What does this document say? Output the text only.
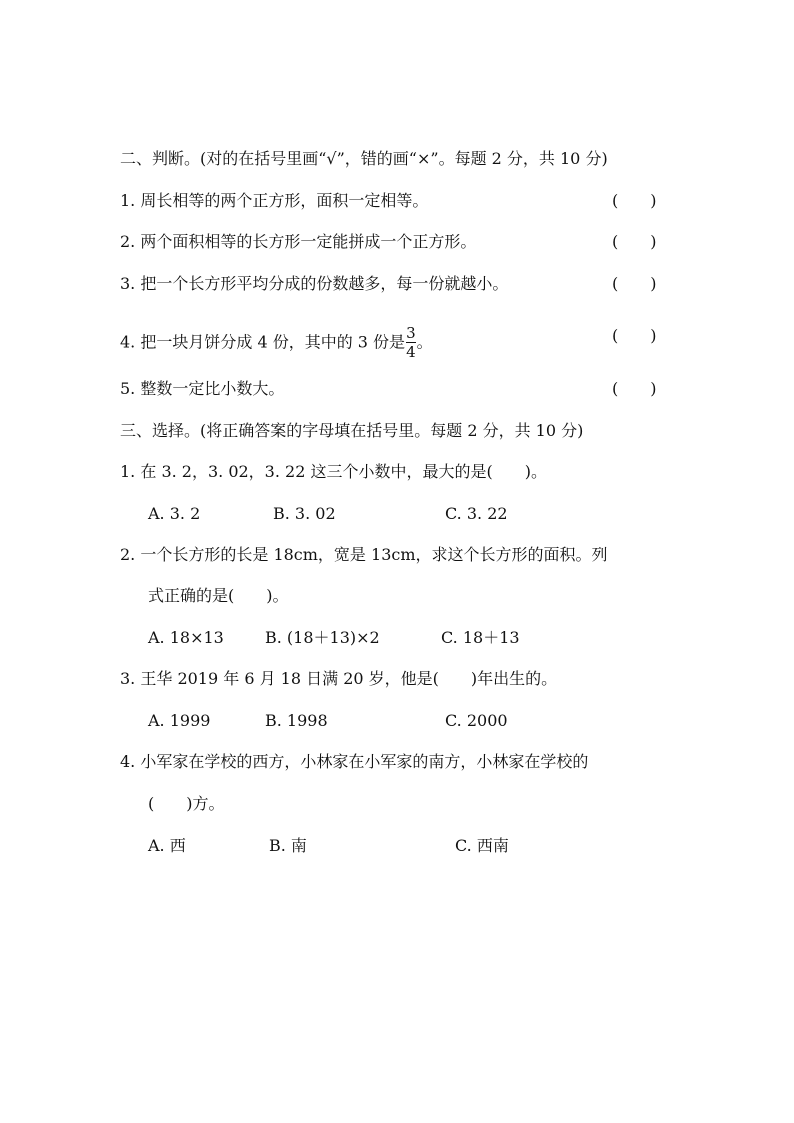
二、判断。(对的在括号里画“√”，错的画“×”。每题 2 分，共 10 分)
1. 周长相等的两个正方形，面积一定相等。	(　　)
2. 两个面积相等的长方形一定能拼成一个正方形。	(　　)
3. 把一个长方形平均分成的份数越多，每一份就越小。	(　　)
4. 把一块月饼分成 4 份，其中的 3 份是 $\frac{3}{4}$ 。	(　　)
5. 整数一定比小数大。	(　　)
三、选择。(将正确答案的字母填在括号里。每题 2 分，共 10 分)
1. 在 3. 2，3. 02，3. 22 这三个小数中，最大的是(　　)。
A. 3. 2	B. 3. 02	C. 3. 22
2. 一个长方形的长是 18cm，宽是 13cm，求这个长方形的面积。列
式正确的是(　　)。
A. 18×13	B. (18＋13)×2	C. 18＋13
3. 王华 2019 年 6 月 18 日满 20 岁，他是(　　)年出生的。
A. 1999	B. 1998	C. 2000
4. 小军家在学校的西方，小林家在小军家的南方，小林家在学校的
(　　)方。
A. 西	B. 南	C. 西南
